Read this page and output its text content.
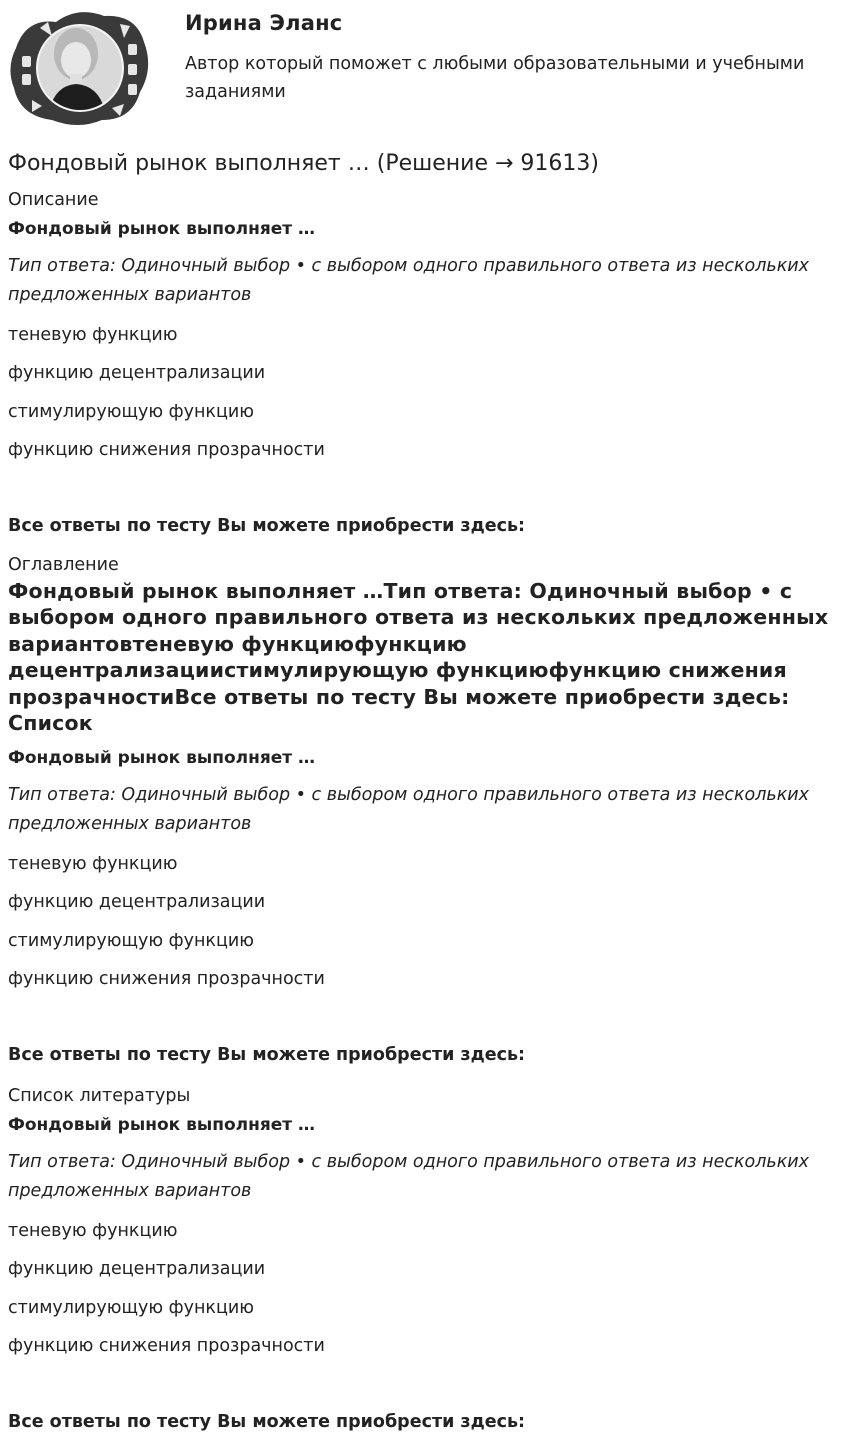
Ирина Эланс
Автор который поможет с любыми образовательными и учебными заданиями
Фондовый рынок выполняет … (Решение → 91613)
Описание
Фондовый рынок выполняет …
Тип ответа: Одиночный выбор • с выбором одного правильного ответа из нескольких предложенных вариантов
теневую функцию
функцию децентрализации
стимулирующую функцию
функцию снижения прозрачности
Все ответы по тесту Вы можете приобрести здесь:
Оглавление
Фондовый рынок выполняет …Тип ответа: Одиночный выбор • с выбором одного правильного ответа из нескольких предложенных вариантовтеневую функциюфункцию децентрализациистимулирующую функциюфункцию снижения прозрачностиВсе ответы по тесту Вы можете приобрести здесь: Список
Фондовый рынок выполняет …
Тип ответа: Одиночный выбор • с выбором одного правильного ответа из нескольких предложенных вариантов
теневую функцию
функцию децентрализации
стимулирующую функцию
функцию снижения прозрачности
Все ответы по тесту Вы можете приобрести здесь:
Список литературы
Фондовый рынок выполняет …
Тип ответа: Одиночный выбор • с выбором одного правильного ответа из нескольких предложенных вариантов
теневую функцию
функцию децентрализации
стимулирующую функцию
функцию снижения прозрачности
Все ответы по тесту Вы можете приобрести здесь:
